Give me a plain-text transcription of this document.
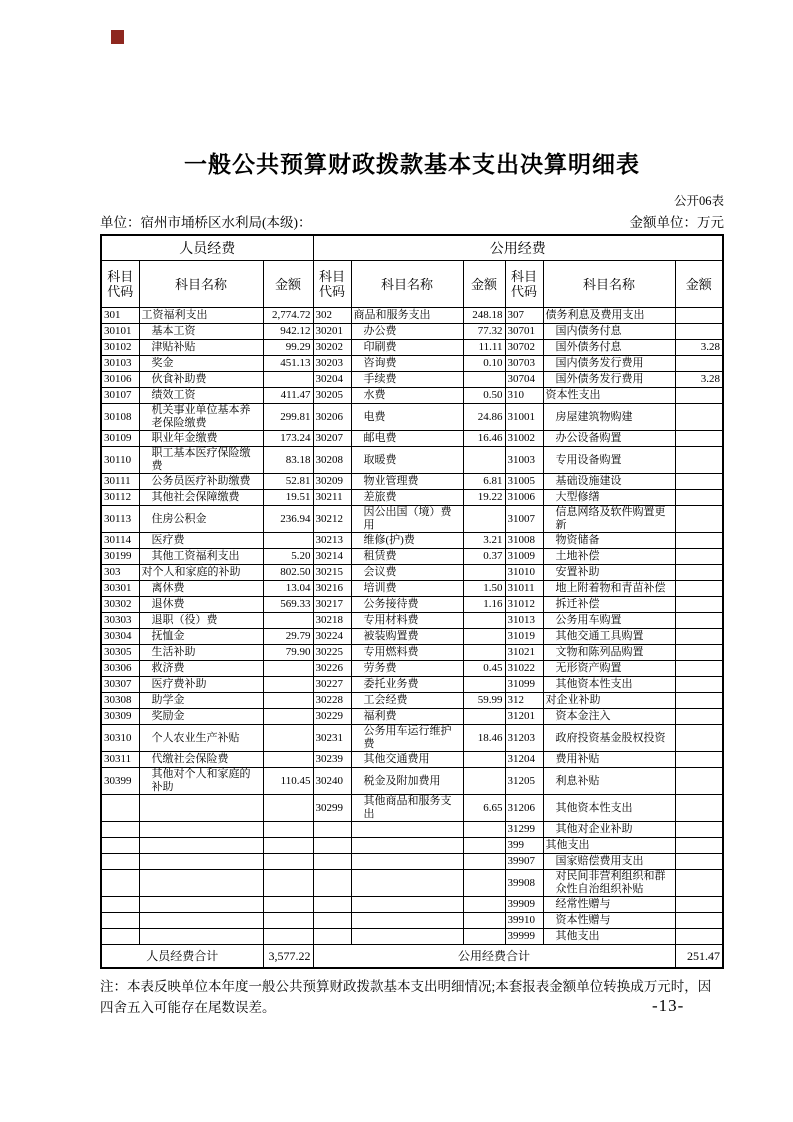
一般公共预算财政拨款基本支出决算明细表
公开06表
单位：宿州市埇桥区水利局(本级)：	金额单位：万元
人员经费			公用经费					
科目代码	科目名称	金额	科目代码	科目名称	金额	科目代码	科目名称	金额
301	工资福利支出	2,774.72	302	商品和服务支出	248.18	307	债务利息及费用支出	
30101	基本工资	942.12	30201	办公费	77.32	30701	国内债务付息	
30102	津贴补贴	99.29	30202	印刷费	11.11	30702	国外债务付息	3.28
30103	奖金	451.13	30203	咨询费	0.10	30703	国内债务发行费用	
30106	伙食补助费		30204	手续费		30704	国外债务发行费用	3.28
30107	绩效工资	411.47	30205	水费	0.50	310	资本性支出	
30108	机关事业单位基本养老保险缴费	299.81	30206	电费	24.86	31001	房屋建筑物购建	
30109	职业年金缴费	173.24	30207	邮电费	16.46	31002	办公设备购置	
30110	职工基本医疗保险缴费	83.18	30208	取暖费		31003	专用设备购置	
30111	公务员医疗补助缴费	52.81	30209	物业管理费	6.81	31005	基础设施建设	
30112	其他社会保障缴费	19.51	30211	差旅费	19.22	31006	大型修缮	
30113	住房公积金	236.94	30212	因公出国（境）费用		31007	信息网络及软件购置更新	
30114	医疗费		30213	维修(护)费	3.21	31008	物资储备	
30199	其他工资福利支出	5.20	30214	租赁费	0.37	31009	土地补偿	
303	对个人和家庭的补助	802.50	30215	会议费		31010	安置补助	
30301	离休费	13.04	30216	培训费	1.50	31011	地上附着物和青苗补偿	
30302	退休费	569.33	30217	公务接待费	1.16	31012	拆迁补偿	
30303	退职（役）费		30218	专用材料费		31013	公务用车购置	
30304	抚恤金	29.79	30224	被装购置费		31019	其他交通工具购置	
30305	生活补助	79.90	30225	专用燃料费		31021	文物和陈列品购置	
30306	救济费		30226	劳务费	0.45	31022	无形资产购置	
30307	医疗费补助		30227	委托业务费		31099	其他资本性支出	
30308	助学金		30228	工会经费	59.99	312	对企业补助	
30309	奖励金		30229	福利费		31201	资本金注入	
30310	个人农业生产补贴		30231	公务用车运行维护费	18.46	31203	政府投资基金股权投资	
30311	代缴社会保险费		30239	其他交通费用		31204	费用补贴	
30399	其他对个人和家庭的补助	110.45	30240	税金及附加费用		31205	利息补贴	
			30299	其他商品和服务支出	6.65	31206	其他资本性支出	
						31299	其他对企业补助	
						399	其他支出	
						39907	国家赔偿费用支出	
						39908	对民间非营利组织和群众性自治组织补贴	
						39909	经常性赠与	
						39910	资本性赠与	
						39999	其他支出	
人员经费合计		3,577.22	公用经费合计					251.47
注：本表反映单位本年度一般公共预算财政拨款基本支出明细情况;本套报表金额单位转换成万元时，因
四舍五入可能存在尾数误差。	-13-
